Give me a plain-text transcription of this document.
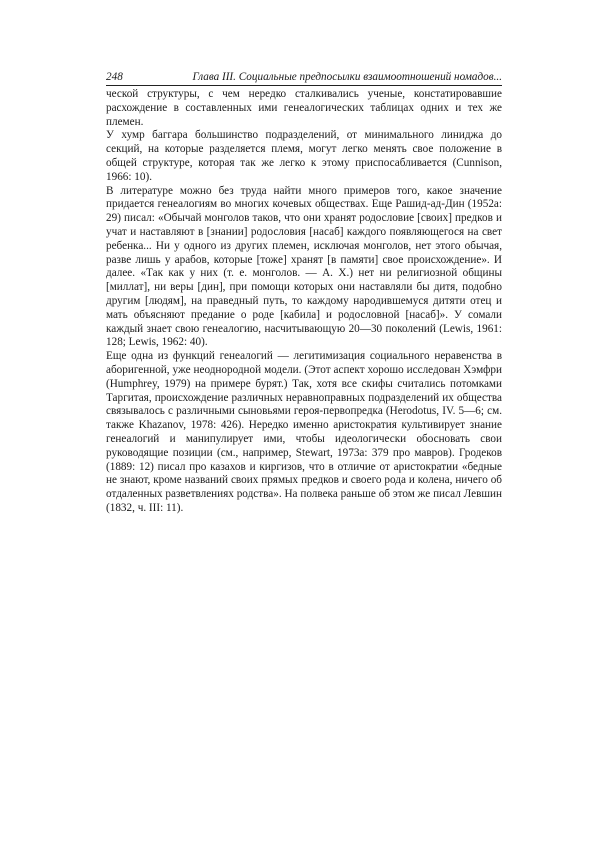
248	Глава III. Социальные предпосылки взаимоотношений номадов...

ческой структуры, с чем нередко сталкивались ученые, констатировавшие расхождение в составленных ими генеалогических таблицах одних и тех же племен.

У хумр баггара большинство подразделений, от минимального линиджа до секций, на которые разделяется племя, могут легко менять свое положение в общей структуре, которая так же легко к этому приспосабливается (Cunnison, 1966: 10).

В литературе можно без труда найти много примеров того, какое значение придается генеалогиям во многих кочевых обществах. Еще Рашид-ад-Дин (1952a: 29) писал: «Обычай монголов таков, что они хранят родословие [своих] предков и учат и наставляют в [знании] родословия [насаб] каждого появляющегося на свет ребенка... Ни у одного из других племен, исключая монголов, нет этого обычая, разве лишь у арабов, которые [тоже] хранят [в памяти] свое происхождение». И далее. «Так как у них (т. е. монголов. — А. Х.) нет ни религиозной общины [миллат], ни веры [дин], при помощи которых они наставляли бы дитя, подобно другим [людям], на праведный путь, то каждому народившемуся дитяти отец и мать объясняют предание о роде [кабила] и родословной [насаб]». У сомали каждый знает свою генеалогию, насчитывающую 20—30 поколений (Lewis, 1961: 128; Lewis, 1962: 40).

Еще одна из функций генеалогий — легитимизация социального неравенства в аборигенной, уже неоднородной модели. (Этот аспект хорошо исследован Хэмфри (Humphrey, 1979) на примере бурят.) Так, хотя все скифы считались потомками Таргитая, происхождение различных неравноправных подразделений их общества связывалось с различными сыновьями героя-первопредка (Herodotus, IV. 5—6; см. также Khazanov, 1978: 426). Нередко именно аристократия культивирует знание генеалогий и манипулирует ими, чтобы идеологически обосновать свои руководящие позиции (см., например, Stewart, 1973a: 379 про мавров). Гродеков (1889: 12) писал про казахов и киргизов, что в отличие от аристократии «бедные не знают, кроме названий своих прямых предков и своего рода и колена, ничего об отдаленных разветвлениях родства». На полвека раньше об этом же писал Левшин (1832, ч. III: 11).
